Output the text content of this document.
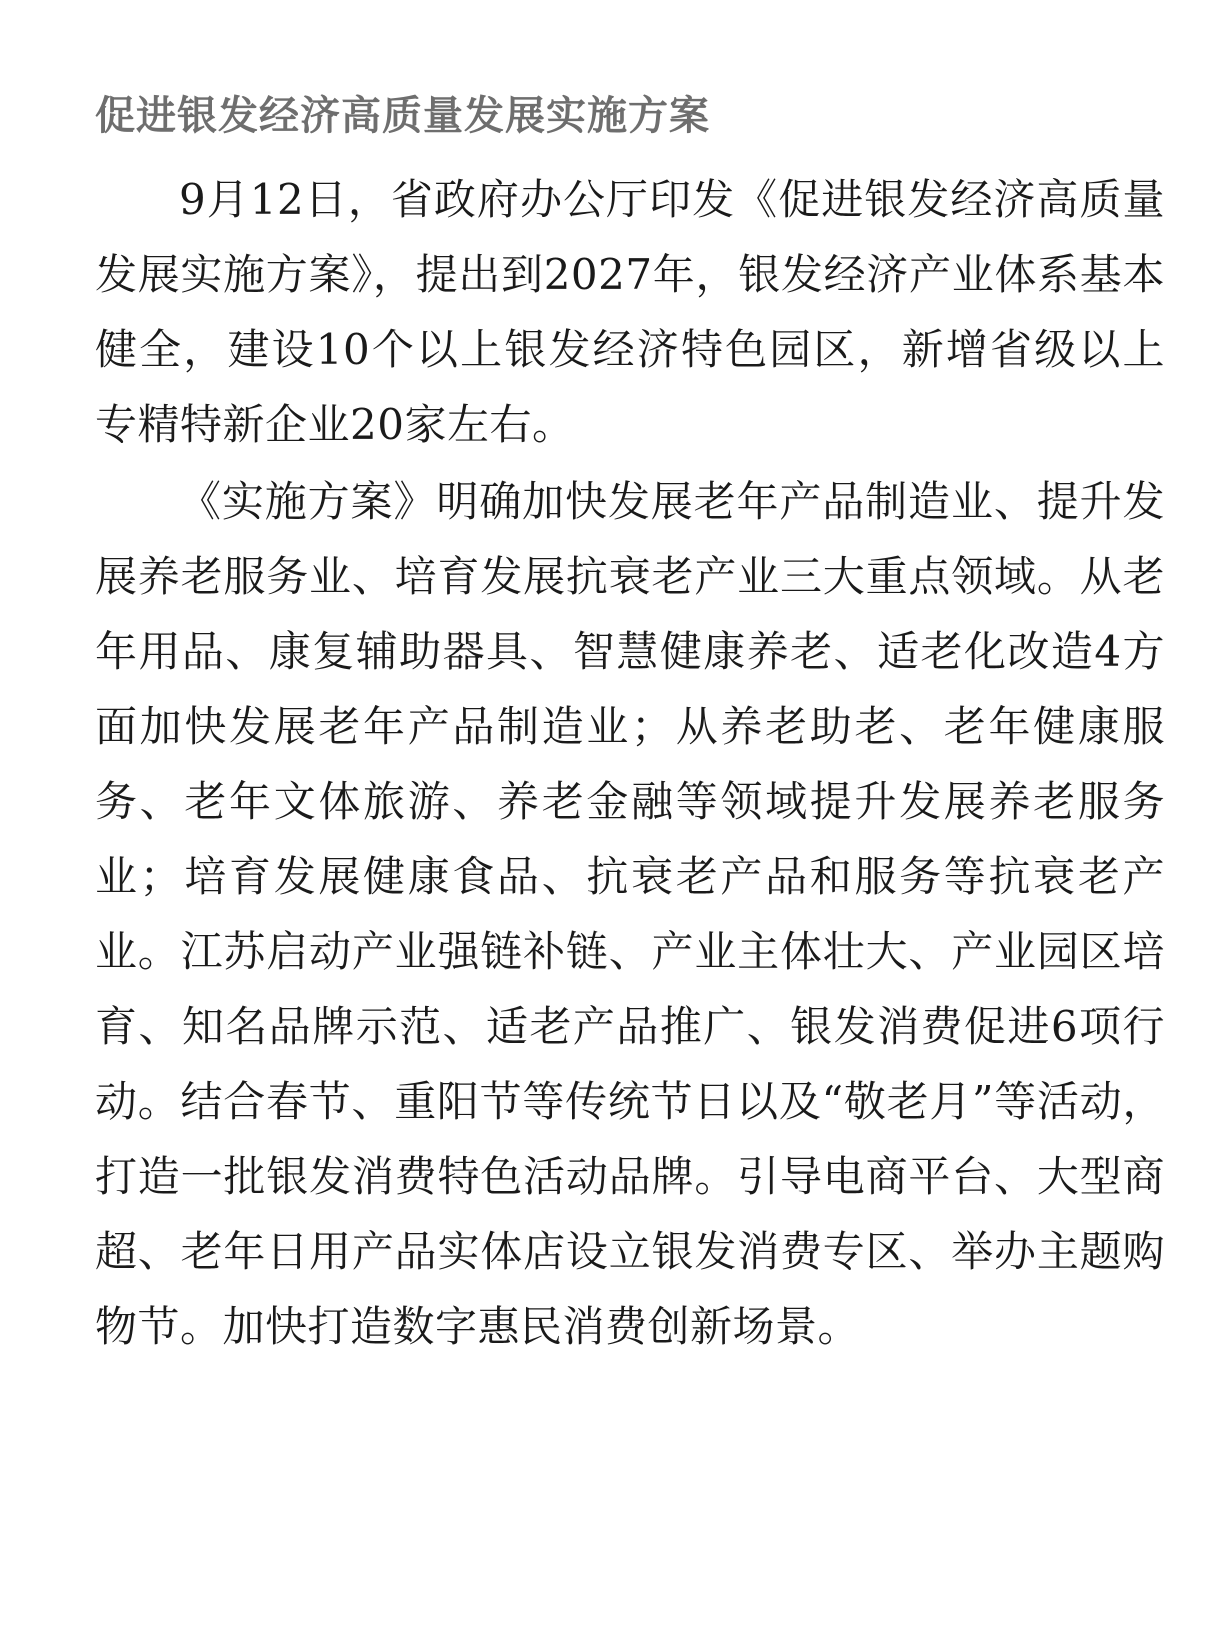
促进银发经济高质量发展实施方案

9月12日，省政府办公厅印发《促进银发经济高质量发展实施方案》，提出到2027年，银发经济产业体系基本健全，建设10个以上银发经济特色园区，新增省级以上专精特新企业20家左右。

《实施方案》明确加快发展老年产品制造业、提升发展养老服务业、培育发展抗衰老产业三大重点领域。从老年用品、康复辅助器具、智慧健康养老、适老化改造4方面加快发展老年产品制造业；从养老助老、老年健康服务、老年文体旅游、养老金融等领域提升发展养老服务业；培育发展健康食品、抗衰老产品和服务等抗衰老产业。江苏启动产业强链补链、产业主体壮大、产业园区培育、知名品牌示范、适老产品推广、银发消费促进6项行动。结合春节、重阳节等传统节日以及“敬老月”等活动，打造一批银发消费特色活动品牌。引导电商平台、大型商超、老年日用产品实体店设立银发消费专区、举办主题购物节。加快打造数字惠民消费创新场景。
